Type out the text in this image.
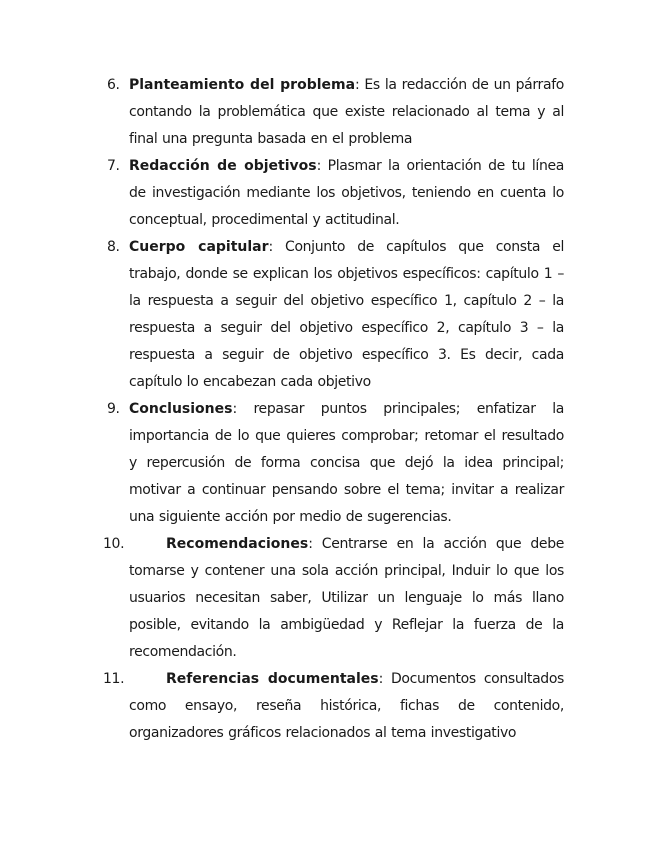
6. Planteamiento del problema: Es la redacción de un párrafo contando la problemática que existe relacionado al tema y al final una pregunta basada en el problema
7. Redacción de objetivos: Plasmar la orientación de tu línea de investigación mediante los objetivos, teniendo en cuenta lo conceptual, procedimental y actitudinal.
8. Cuerpo capitular: Conjunto de capítulos que consta el trabajo, donde se explican los objetivos específicos: capítulo 1 – la respuesta a seguir del objetivo específico 1, capítulo 2 – la respuesta a seguir del objetivo específico 2, capítulo 3 – la respuesta a seguir de objetivo específico 3. Es decir, cada capítulo lo encabezan cada objetivo
9. Conclusiones: repasar puntos principales; enfatizar la importancia de lo que quieres comprobar; retomar el resultado y repercusión de forma concisa que dejó la idea principal; motivar a continuar pensando sobre el tema; invitar a realizar una siguiente acción por medio de sugerencias.
10.	Recomendaciones: Centrarse en la acción que debe tomarse y contener una sola acción principal, Induir lo que los usuarios necesitan saber, Utilizar un lenguaje lo más llano posible, evitando la ambigüedad y Reflejar la fuerza de la recomendación.
11.	Referencias documentales: Documentos consultados como ensayo, reseña histórica, fichas de contenido, organizadores gráficos relacionados al tema investigativo
